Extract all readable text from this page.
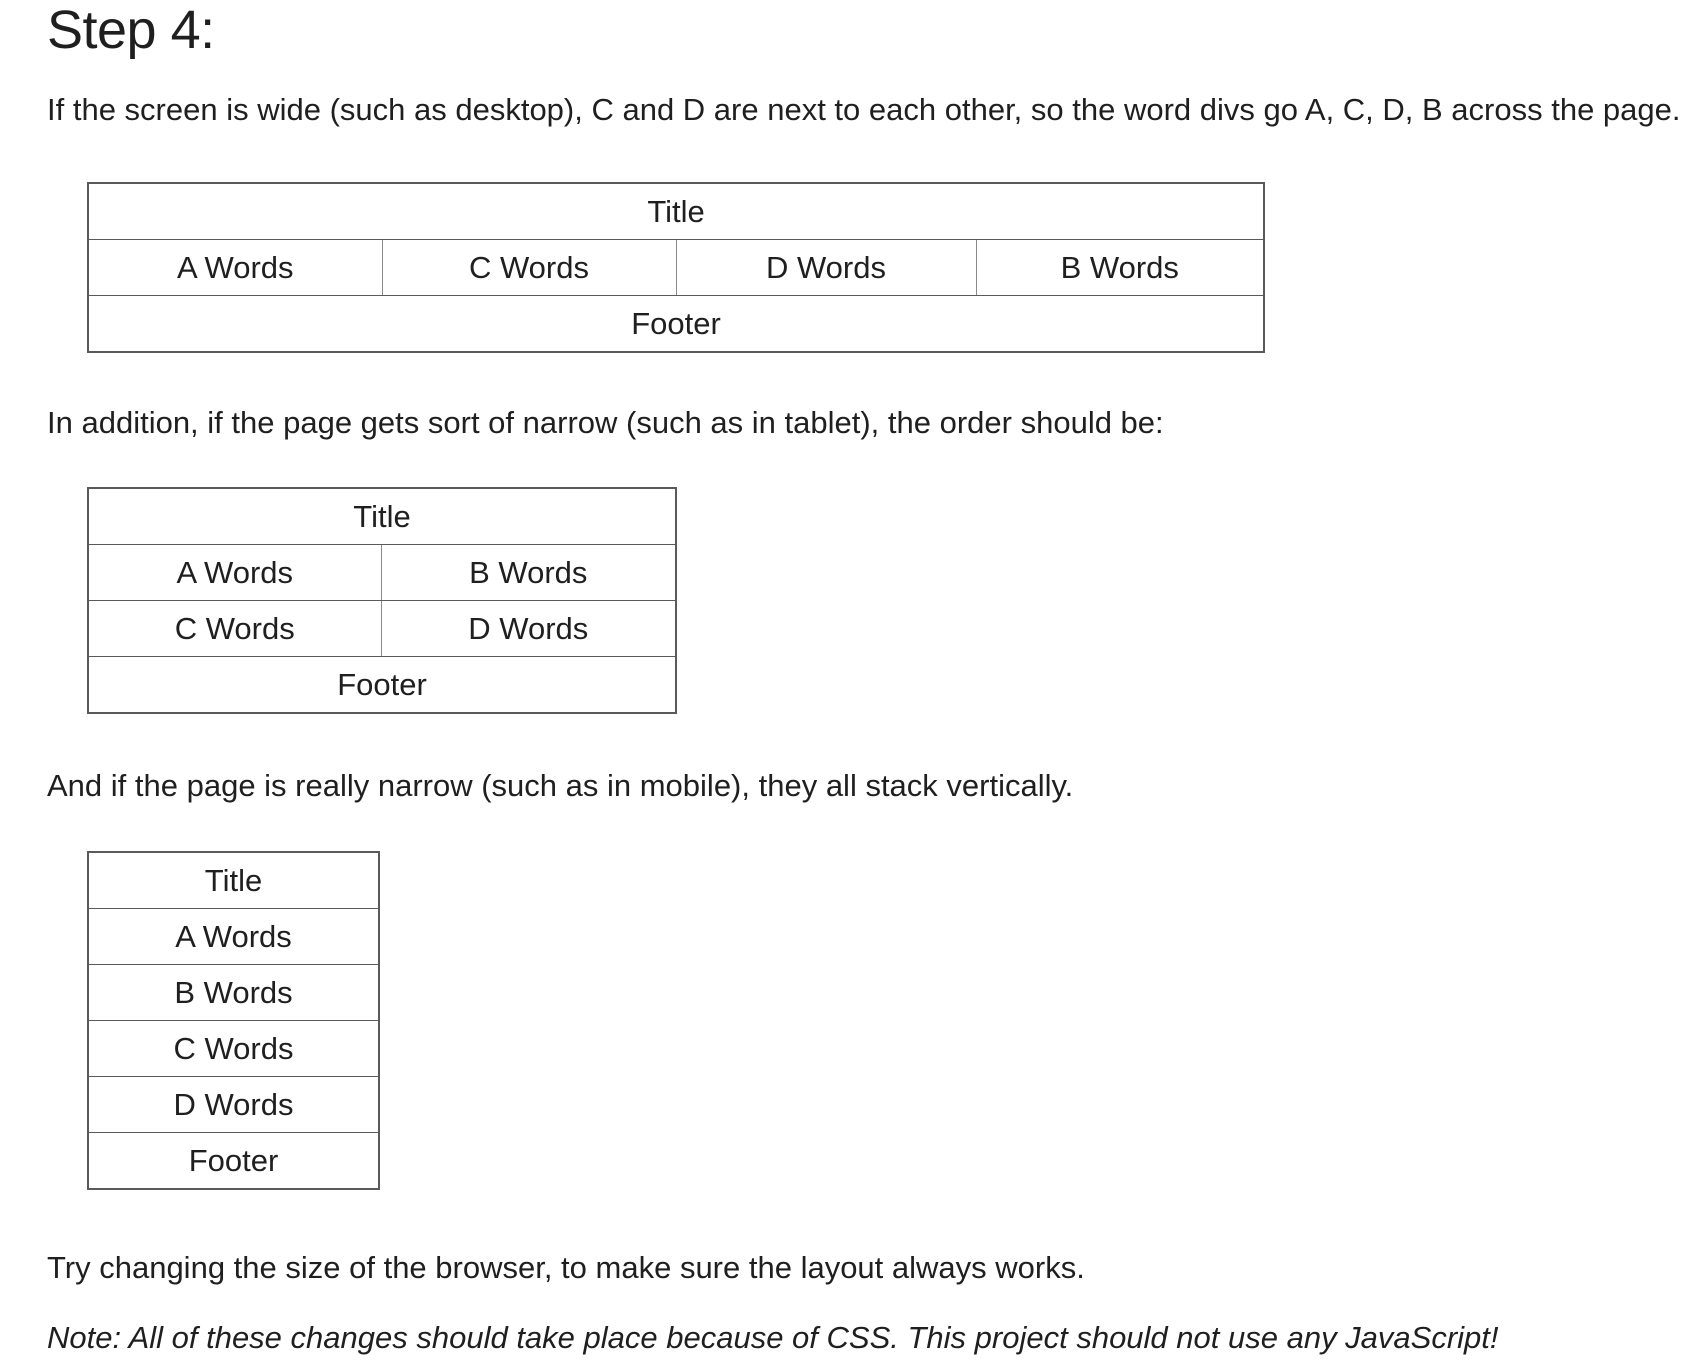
Step 4:

If the screen is wide (such as desktop), C and D are next to each other, so the word divs go A, C, D, B across the page.

Title
A Words	C Words	D Words	B Words
Footer

In addition, if the page gets sort of narrow (such as in tablet), the order should be:

Title	
A Words	B Words
C Words	D Words
Footer	

And if the page is really narrow (such as in mobile), they all stack vertically.

Title
A Words
B Words
C Words
D Words
Footer

Try changing the size of the browser, to make sure the layout always works.

Note: All of these changes should take place because of CSS. This project should not use any JavaScript!
